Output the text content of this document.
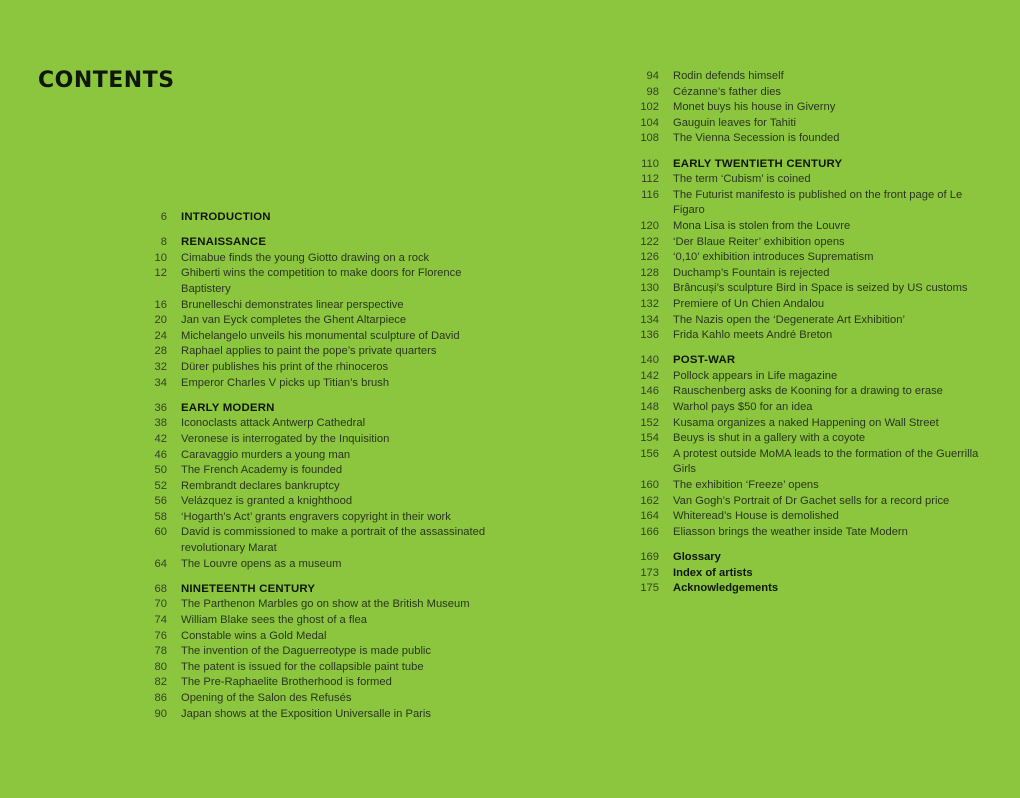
CONTENTS
6	INTRODUCTION
8	RENAISSANCE
10	Cimabue finds the young Giotto drawing on a rock
12	Ghiberti wins the competition to make doors for Florence Baptistery
16	Brunelleschi demonstrates linear perspective
20	Jan van Eyck completes the Ghent Altarpiece
24	Michelangelo unveils his monumental sculpture of David
28	Raphael applies to paint the pope’s private quarters
32	Dürer publishes his print of the rhinoceros
34	Emperor Charles V picks up Titian’s brush
36	EARLY MODERN
38	Iconoclasts attack Antwerp Cathedral
42	Veronese is interrogated by the Inquisition
46	Caravaggio murders a young man
50	The French Academy is founded
52	Rembrandt declares bankruptcy
56	Velázquez is granted a knighthood
58	‘Hogarth’s Act’ grants engravers copyright in their work
60	David is commissioned to make a portrait of the assassinated revolutionary Marat
64	The Louvre opens as a museum
68	NINETEENTH CENTURY
70	The Parthenon Marbles go on show at the British Museum
74	William Blake sees the ghost of a flea
76	Constable wins a Gold Medal
78	The invention of the Daguerreotype is made public
80	The patent is issued for the collapsible paint tube
82	The Pre-Raphaelite Brotherhood is formed
86	Opening of the Salon des Refusés
90	Japan shows at the Exposition Universalle in Paris
94	Rodin defends himself
98	Cézanne’s father dies
102	Monet buys his house in Giverny
104	Gauguin leaves for Tahiti
108	The Vienna Secession is founded
110	EARLY TWENTIETH CENTURY
112	The term ‘Cubism’ is coined
116	The Futurist manifesto is published on the front page of Le Figaro
120	Mona Lisa is stolen from the Louvre
122	‘Der Blaue Reiter’ exhibition opens
126	‘0,10’ exhibition introduces Suprematism
128	Duchamp’s Fountain is rejected
130	Brâncuși’s sculpture Bird in Space is seized by US customs
132	Premiere of Un Chien Andalou
134	The Nazis open the ‘Degenerate Art Exhibition’
136	Frida Kahlo meets André Breton
140	POST-WAR
142	Pollock appears in Life magazine
146	Rauschenberg asks de Kooning for a drawing to erase
148	Warhol pays $50 for an idea
152	Kusama organizes a naked Happening on Wall Street
154	Beuys is shut in a gallery with a coyote
156	A protest outside MoMA leads to the formation of the Guerrilla Girls
160	The exhibition ‘Freeze’ opens
162	Van Gogh’s Portrait of Dr Gachet sells for a record price
164	Whiteread’s House is demolished
166	Eliasson brings the weather inside Tate Modern
169	Glossary
173	Index of artists
175	Acknowledgements
